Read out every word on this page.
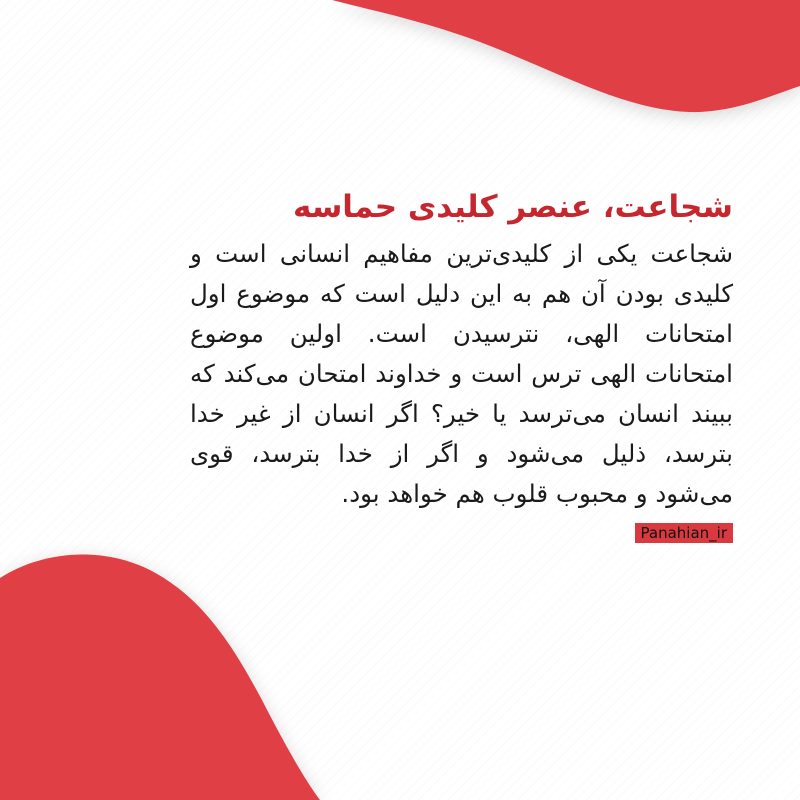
شجاعت، عنصر کلیدی حماسه

شجاعت یکی از کلیدی‌ترین مفاهیم انسانی است و کلیدی بودن آن هم به این دلیل است که موضوع اول امتحانات الهی، نترسیدن است. اولین موضوع امتحانات الهی ترس است و خداوند امتحان می‌کند که ببیند انسان می‌ترسد یا خیر؟ اگر انسان از غیر خدا بترسد، ذلیل می‌شود و اگر از خدا بترسد، قوی می‌شود و محبوب قلوب هم خواهد بود.

Panahian_ir
